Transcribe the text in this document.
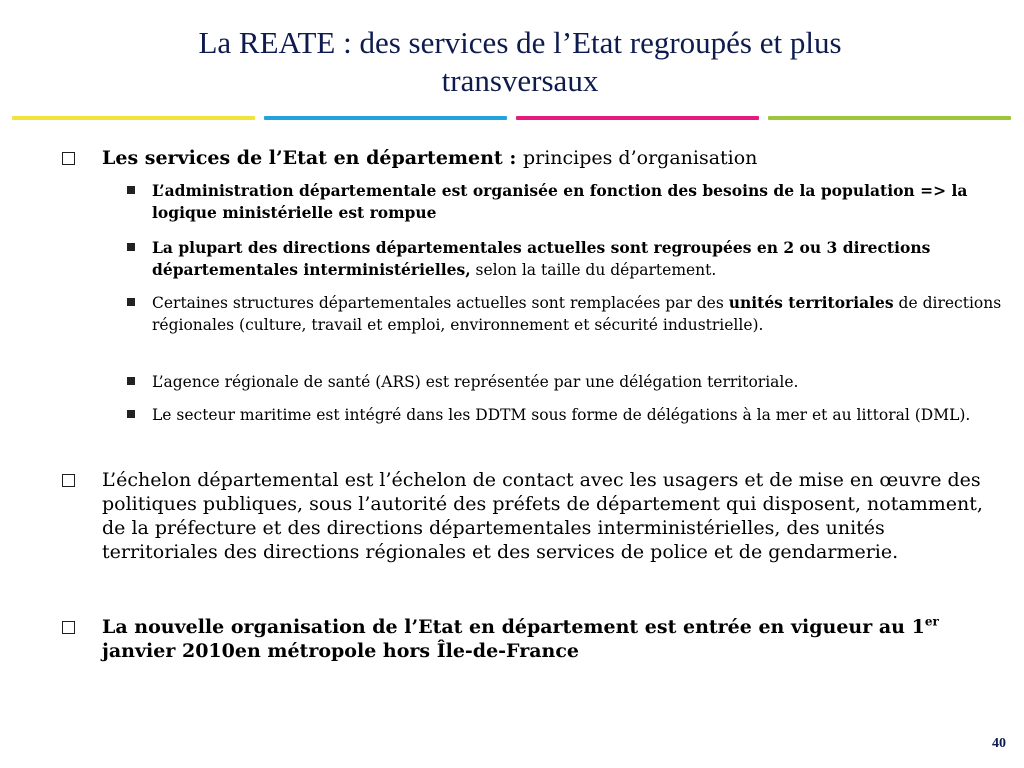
La REATE : des services de l’Etat regroupés et plus
transversaux
Les services de l’Etat en département : principes d’organisation
L’administration départementale est organisée en fonction des besoins de la population => la logique ministérielle est rompue
La plupart des directions départementales actuelles sont regroupées en 2 ou 3 directions départementales interministérielles, selon la taille du département.
Certaines structures départementales actuelles sont remplacées par des unités territoriales de directions régionales (culture, travail et emploi, environnement et sécurité industrielle).
L’agence régionale de santé (ARS) est représentée par une délégation territoriale.
Le secteur maritime est intégré dans les DDTM sous forme de délégations à la mer et au littoral (DML).
L’échelon départemental est l’échelon de contact avec les usagers et de mise en œuvre des politiques publiques, sous l’autorité des préfets de département qui disposent, notamment, de la préfecture et des directions départementales interministérielles, des unités territoriales des directions régionales et des services de police et de gendarmerie.
La nouvelle organisation de l’Etat en département est entrée en vigueur au 1er janvier 2010en métropole hors Île-de-France
40
